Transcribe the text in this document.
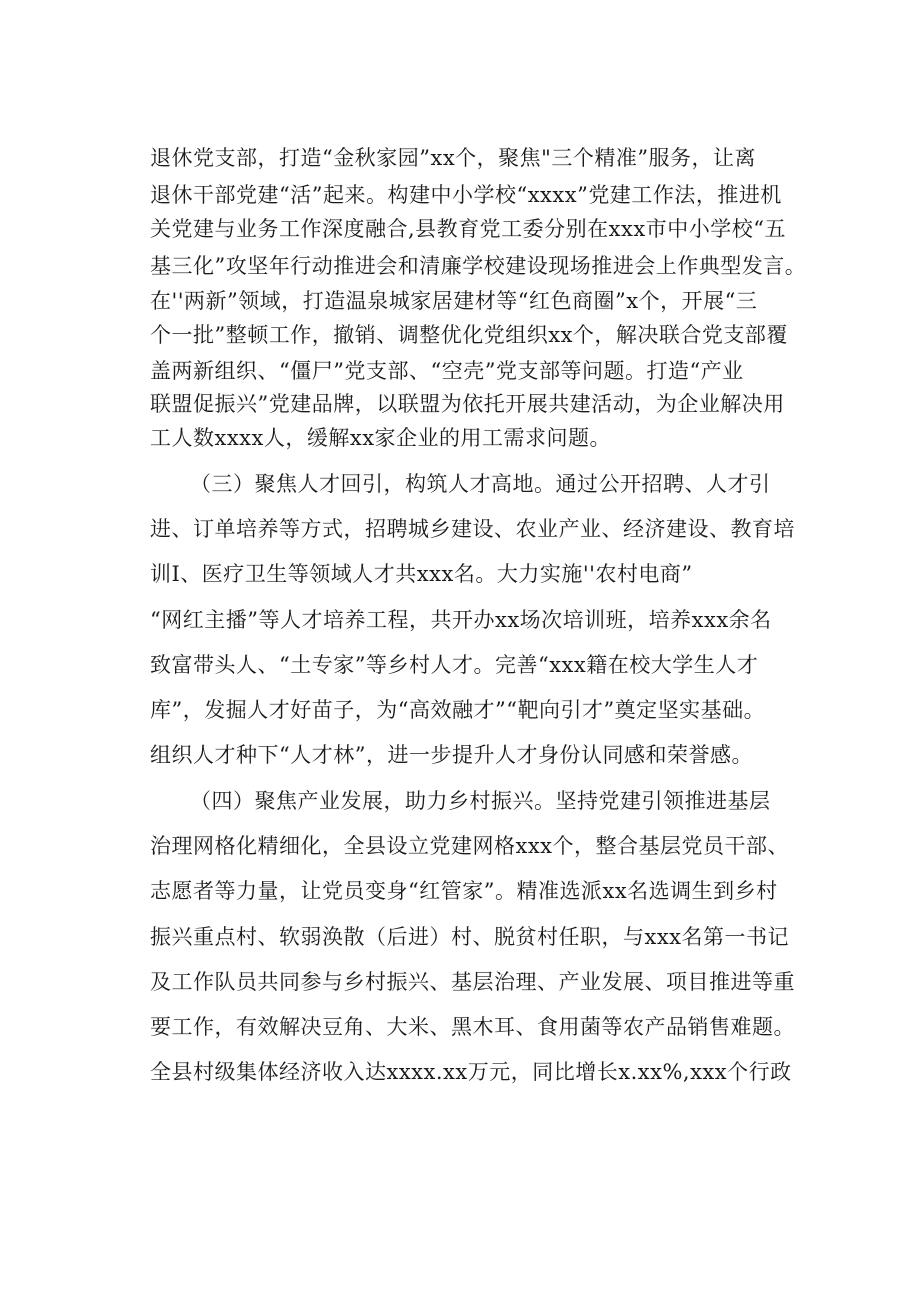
退休党支部，打造“金秋家园”xx个，聚焦"三个精准”服务，让离

退休干部党建“活”起来。构建中小学校“xxxx”党建工作法，推进机

关党建与业务工作深度融合,县教育党工委分别在xxx市中小学校“五

基三化”攻坚年行动推进会和清廉学校建设现场推进会上作典型发言。

在''两新”领域，打造温泉城家居建材等“红色商圈”x个，开展“三

个一批”整顿工作，撤销、调整优化党组织xx个，解决联合党支部覆

盖两新组织、“僵尸”党支部、“空壳”党支部等问题。打造“产业

联盟促振兴”党建品牌，以联盟为依托开展共建活动，为企业解决用

工人数xxxx人，缓解xx家企业的用工需求问题。

（三）聚焦人才回引，构筑人才高地。通过公开招聘、人才引

进、订单培养等方式，招聘城乡建设、农业产业、经济建设、教育培

训I、医疗卫生等领域人才共xxx名。大力实施''农村电商”

“网红主播”等人才培养工程，共开办xx场次培训班，培养xxx余名

致富带头人、“土专家”等乡村人才。完善“xxx籍在校大学生人才

库”，发掘人才好苗子，为“高效融才”“靶向引才”奠定坚实基础。

组织人才种下“人才林”，进一步提升人才身份认同感和荣誉感。

（四）聚焦产业发展，助力乡村振兴。坚持党建引领推进基层

治理网格化精细化，全县设立党建网格xxx个，整合基层党员干部、

志愿者等力量，让党员变身“红管家”。精准选派xx名选调生到乡村

振兴重点村、软弱涣散（后进）村、脱贫村任职，与xxx名第一书记

及工作队员共同参与乡村振兴、基层治理、产业发展、项目推进等重

要工作，有效解决豆角、大米、黑木耳、食用菌等农产品销售难题。

全县村级集体经济收入达xxxx.xx万元，同比增长x.xx%,xxx个行政
